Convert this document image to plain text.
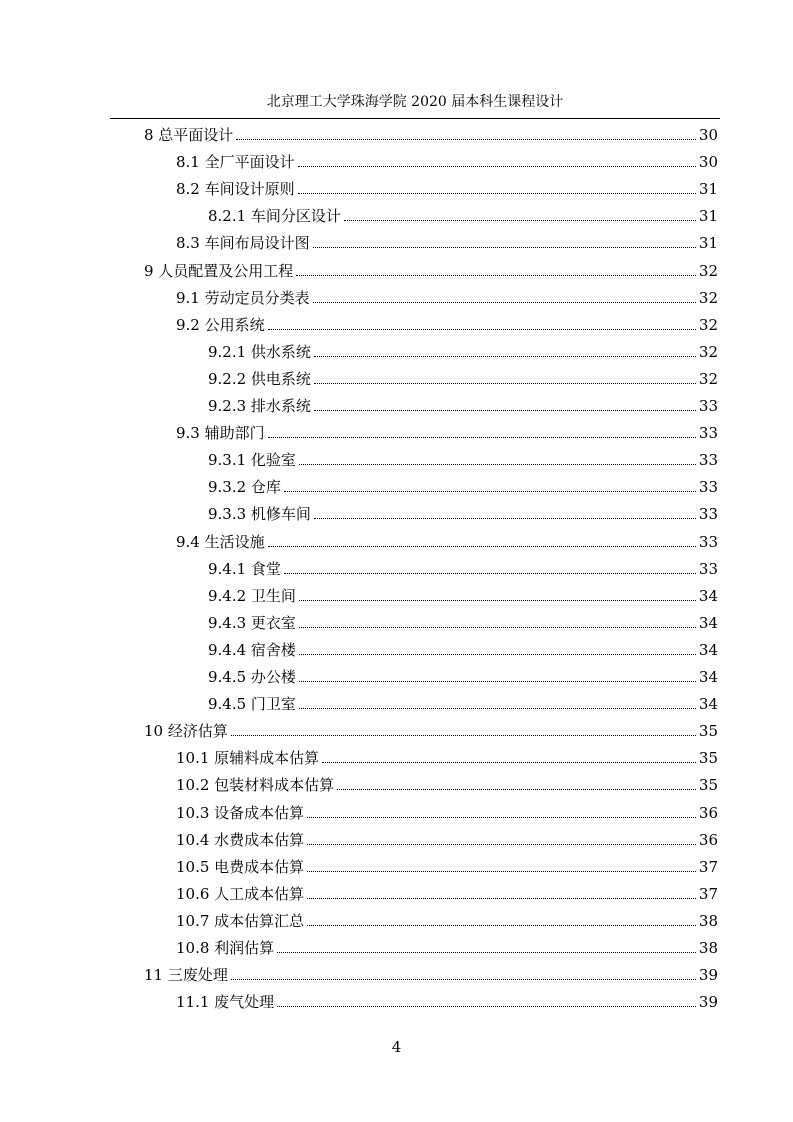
北京理工大学珠海学院 2020 届本科生课程设计
8 总平面设计	30
8.1 全厂平面设计	30
8.2 车间设计原则	31
8.2.1 车间分区设计	31
8.3 车间布局设计图	31
9 人员配置及公用工程	32
9.1 劳动定员分类表	32
9.2 公用系统	32
9.2.1 供水系统	32
9.2.2 供电系统	32
9.2.3 排水系统	33
9.3 辅助部门	33
9.3.1 化验室	33
9.3.2 仓库	33
9.3.3 机修车间	33
9.4 生活设施	33
9.4.1 食堂	33
9.4.2 卫生间	34
9.4.3 更衣室	34
9.4.4 宿舍楼	34
9.4.5 办公楼	34
9.4.5 门卫室	34
10 经济估算	35
10.1 原辅料成本估算	35
10.2 包装材料成本估算	35
10.3 设备成本估算	36
10.4 水费成本估算	36
10.5 电费成本估算	37
10.6 人工成本估算	37
10.7 成本估算汇总	38
10.8 利润估算	38
11 三废处理	39
11.1 废气处理	39
4
